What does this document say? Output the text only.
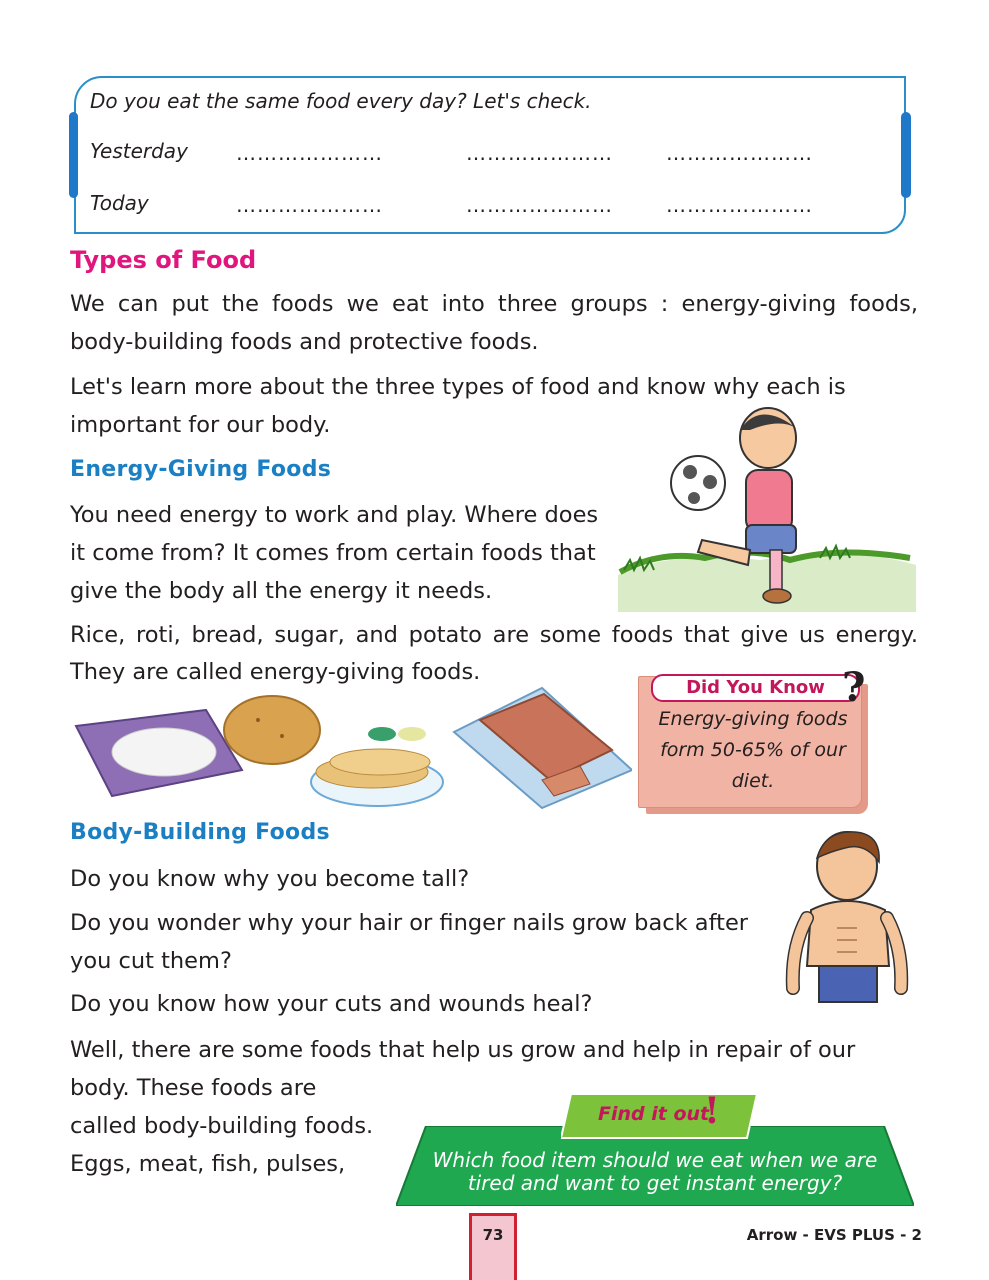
Do you eat the same food every day? Let's check.
Yesterday …………………	…………………	…………………
Today	…………………	…………………	…………………
Types of Food
We can put the foods we eat into three groups : energy-giving foods,
body-building foods and protective foods.
Let's learn more about the three types of food and know why each is
important for our body.
Energy-Giving Foods
You need energy to work and play. Where does
it come from? It comes from certain foods that
give the body all the energy it needs.
Rice, roti, bread, sugar, and potato are some foods that give us energy.
They are called energy-giving foods.
Did You Know ?
Energy-giving foods
form 50-65% of our
diet.
Body-Building Foods
Do you know why you become tall?
Do you wonder why your hair or finger nails grow back after
you cut them?
Do you know how your cuts and wounds heal?
Well, there are some foods that help us grow and help in repair of our
body. These foods are
called body-building foods.
Eggs, meat, fish, pulses,
Find it out
!
Which food item should we eat when we are
tired and want to get instant energy?
73	Arrow - EVS PLUS - 2
